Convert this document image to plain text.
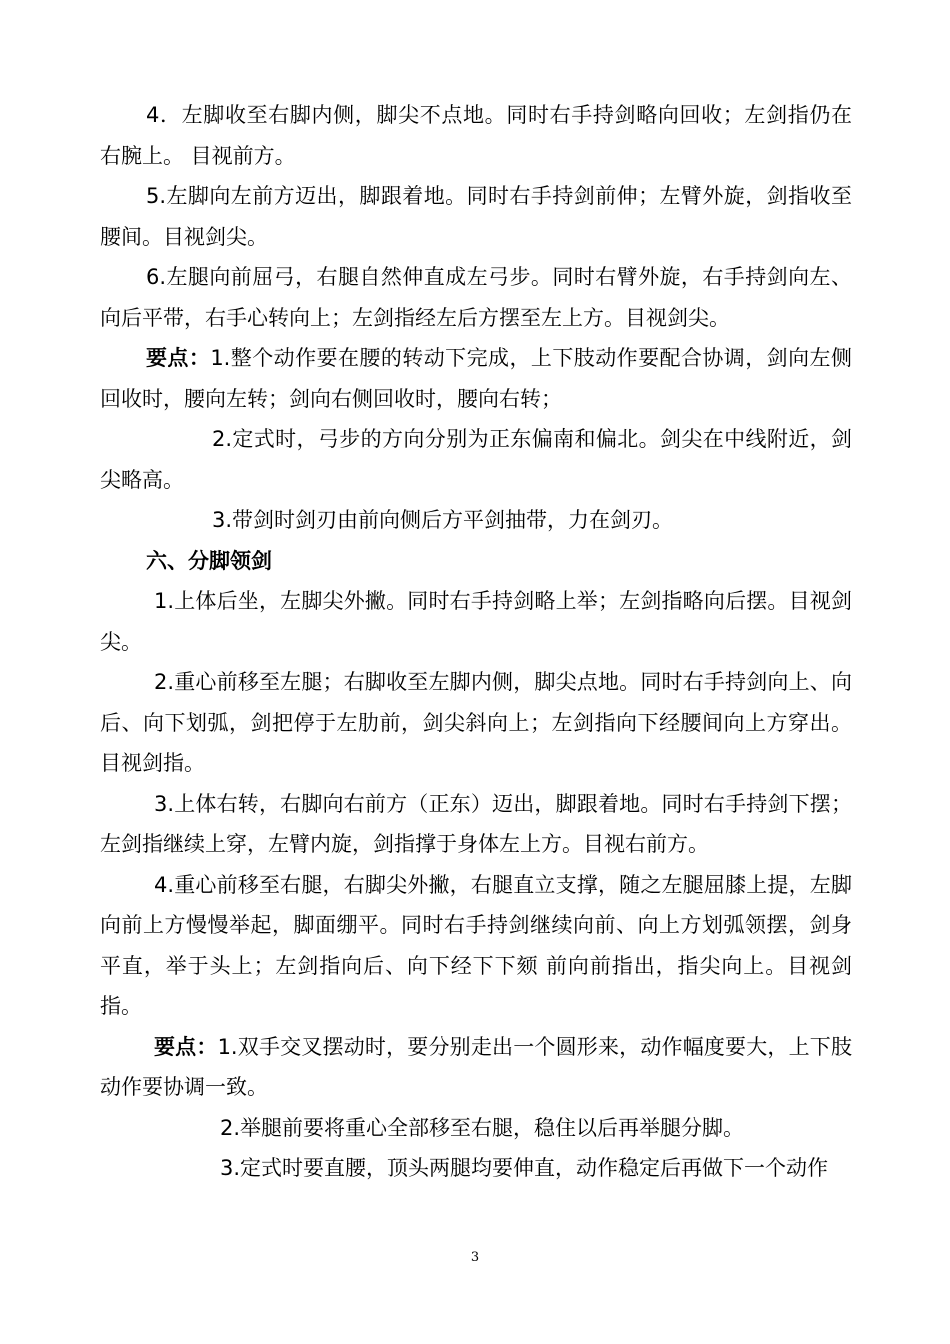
4．左脚收至右脚内侧，脚尖不点地。同时右手持剑略向回收；左剑指仍在右腕上。 目视前方。

5.左脚向左前方迈出，脚跟着地。同时右手持剑前伸；左臂外旋，剑指收至腰间。目视剑尖。

6.左腿向前屈弓，右腿自然伸直成左弓步。同时右臂外旋，右手持剑向左、向后平带，右手心转向上；左剑指经左后方摆至左上方。目视剑尖。

要点：1.整个动作要在腰的转动下完成，上下肢动作要配合协调，剑向左侧回收时，腰向左转；剑向右侧回收时，腰向右转；

2.定式时，弓步的方向分别为正东偏南和偏北。剑尖在中线附近，剑尖略高。

3.带剑时剑刃由前向侧后方平剑抽带，力在剑刃。

六、分脚领剑

1.上体后坐，左脚尖外撇。同时右手持剑略上举；左剑指略向后摆。目视剑尖。

2.重心前移至左腿；右脚收至左脚内侧，脚尖点地。同时右手持剑向上、向后、向下划弧，剑把停于左肋前，剑尖斜向上；左剑指向下经腰间向上方穿出。目视剑指。

3.上体右转，右脚向右前方（正东）迈出，脚跟着地。同时右手持剑下摆；左剑指继续上穿，左臂内旋，剑指撑于身体左上方。目视右前方。

4.重心前移至右腿，右脚尖外撇，右腿直立支撑，随之左腿屈膝上提，左脚向前上方慢慢举起，脚面绷平。同时右手持剑继续向前、向上方划弧领摆，剑身平直，举于头上；左剑指向后、向下经下下颏 前向前指出，指尖向上。目视剑指。

要点：1.双手交叉摆动时，要分别走出一个圆形来，动作幅度要大，上下肢动作要协调一致。

2.举腿前要将重心全部移至右腿，稳住以后再举腿分脚。

3.定式时要直腰，顶头两腿均要伸直，动作稳定后再做下一个动作

3
